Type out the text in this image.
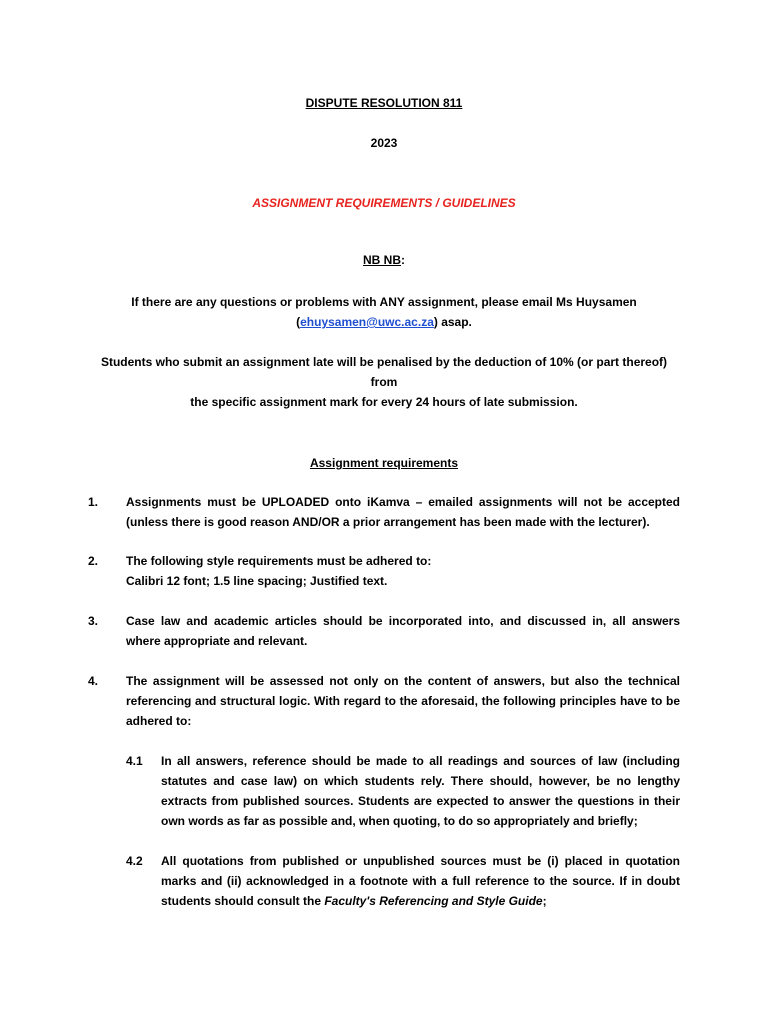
DISPUTE RESOLUTION 811
2023
ASSIGNMENT REQUIREMENTS / GUIDELINES
NB NB:
If there are any questions or problems with ANY assignment, please email Ms Huysamen
(ehuysamen@uwc.ac.za) asap.
Students who submit an assignment late will be penalised by the deduction of 10% (or part thereof) from
the specific assignment mark for every 24 hours of late submission.
Assignment requirements
1.	Assignments must be UPLOADED onto iKamva – emailed assignments will not be accepted (unless there is good reason AND/OR a prior arrangement has been made with the lecturer).
2.	The following style requirements must be adhered to:
Calibri 12 font; 1.5 line spacing; Justified text.
3.	Case law and academic articles should be incorporated into, and discussed in, all answers where appropriate and relevant.
4.	The assignment will be assessed not only on the content of answers, but also the technical referencing and structural logic. With regard to the aforesaid, the following principles have to be adhered to:
4.1	In all answers, reference should be made to all readings and sources of law (including statutes and case law) on which students rely. There should, however, be no lengthy extracts from published sources. Students are expected to answer the questions in their own words as far as possible and, when quoting, to do so appropriately and briefly;
4.2	All quotations from published or unpublished sources must be (i) placed in quotation marks and (ii) acknowledged in a footnote with a full reference to the source. If in doubt students should consult the Faculty's Referencing and Style Guide;
